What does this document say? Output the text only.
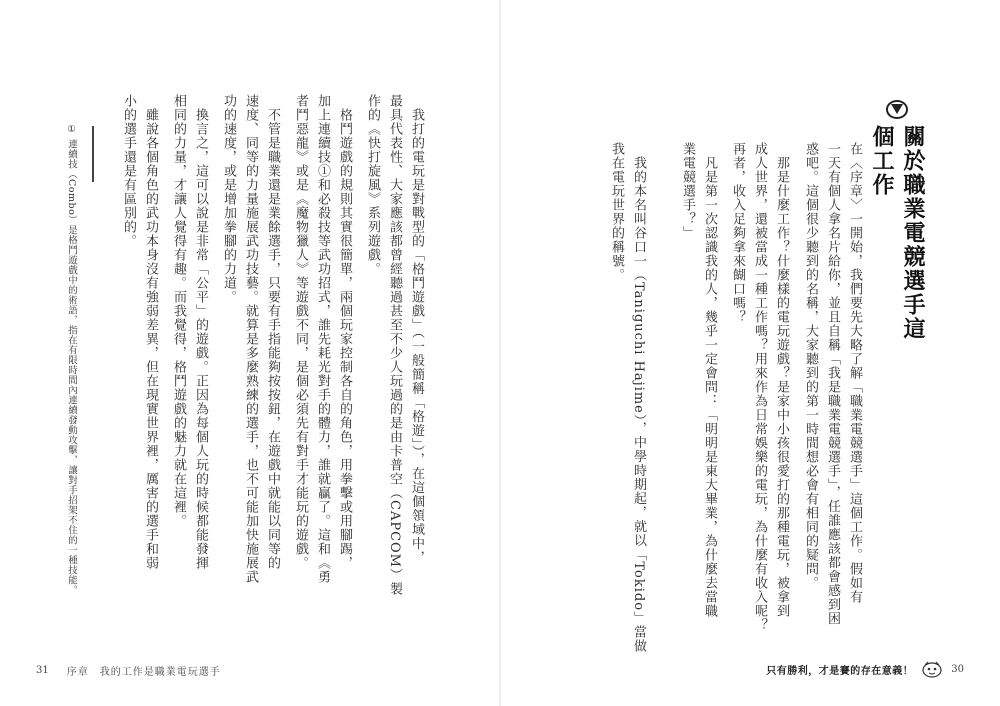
關於職業電競選手這個工作
在〈序章〉一開始，我們要先大略了解「職業電競選手」這個工作。假如有
一天有個人拿名片給你，並且自稱「我是職業電競選手」，任誰應該都會感到困
惑吧。這個很少聽到的名稱，大家聽到的第一時間想必會有相同的疑問。
　那是什麼工作？什麼樣的電玩遊戲？是家中小孩很愛打的那種電玩，被拿到
成人世界，還被當成一種工作嗎？用來作為日常娛樂的電玩，為什麼有收入呢？
再者，收入足夠拿來餬口嗎？
　凡是第一次認識我的人，幾乎一定會問：「明明是東大畢業，為什麼去當職
業電競選手？」
　我的本名叫谷口一（Taniguchi Hajime），中學時期起，就以「Tokido」當做
我在電玩世界的稱號。
　我打的電玩是對戰型的「格鬥遊戲」（一般簡稱「格遊」），在這個領域中，
最具代表性、大家應該都曾經聽過甚至不少人玩過的是由卡普空（CAPCOM）製
作的《快打旋風》系列遊戲。
　格鬥遊戲的規則其實很簡單，兩個玩家控制各自的角色，用拳擊或用腳踢，
加上連續技①和必殺技等武功招式，誰先耗光對手的體力，誰就贏了。這和《勇
者鬥惡龍》或是《魔物獵人》等遊戲不同，是個必須先有對手才能玩的遊戲。
　不管是職業還是業餘選手，只要有手指能夠按按鈕，在遊戲中就能以同等的
速度、同等的力量施展武功技藝。就算是多麼熟練的選手，也不可能加快施展武
功的速度，或是增加拳腳的力道。
　換言之，這可以說是非常「公平」的遊戲。正因為每個人玩的時候都能發揮
相同的力量，才讓人覺得有趣。而我覺得，格鬥遊戲的魅力就在這裡。
　雖說各個角色的武功本身沒有強弱差異，但在現實世界裡，厲害的選手和弱
小的選手還是有區別的。
① 連續技（Combo）是格鬥遊戲中的術語，指在有限時間內連續發動攻擊，讓對手招架不住的一種技能。
31 序章　我的工作是職業電玩選手	只有勝利，才是賽的存在意義！	30
